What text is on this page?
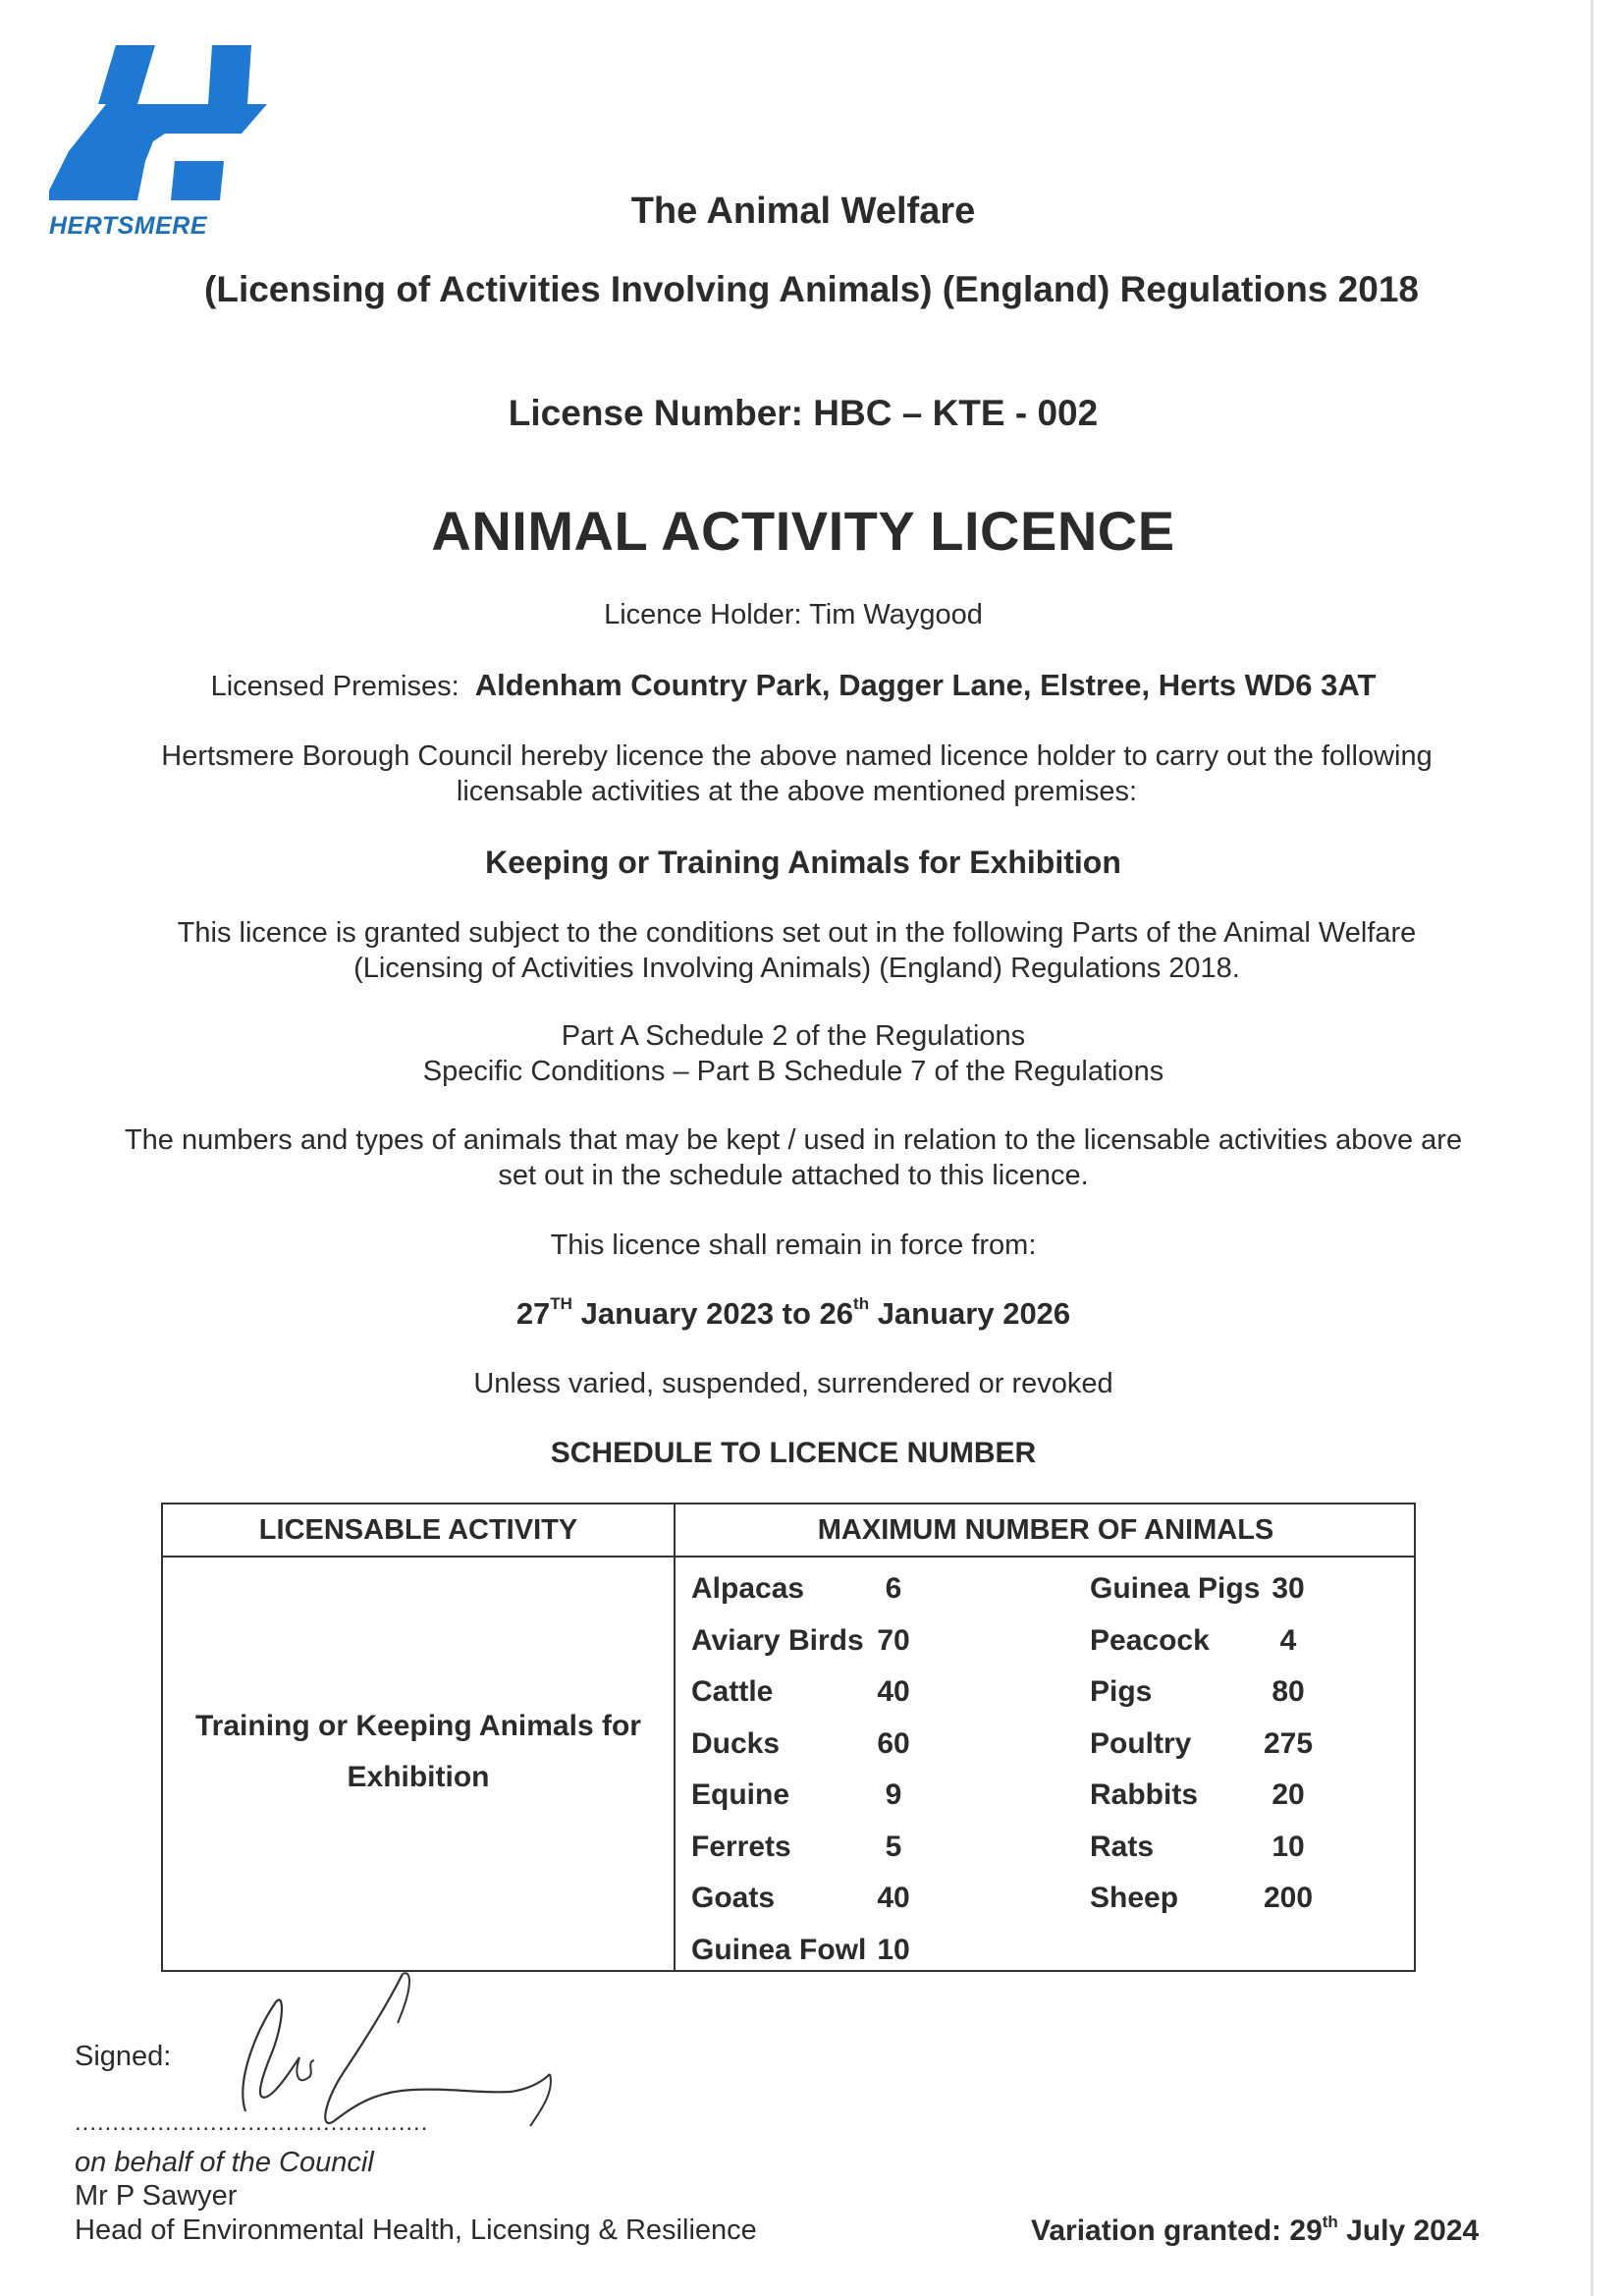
HERTSMERE	The Animal Welfare
(Licensing of Activities Involving Animals) (England) Regulations 2018
License Number: HBC – KTE - 002
ANIMAL ACTIVITY LICENCE
Licence Holder: Tim Waygood
Licensed Premises: Aldenham Country Park, Dagger Lane, Elstree, Herts WD6 3AT
Hertsmere Borough Council hereby licence the above named licence holder to carry out the following
licensable activities at the above mentioned premises:
Keeping or Training Animals for Exhibition
This licence is granted subject to the conditions set out in the following Parts of the Animal Welfare
(Licensing of Activities Involving Animals) (England) Regulations 2018.
Part A Schedule 2 of the Regulations
Specific Conditions – Part B Schedule 7 of the Regulations
The numbers and types of animals that may be kept / used in relation to the licensable activities above are
set out in the schedule attached to this licence.
This licence shall remain in force from:
27TH January 2023 to 26th January 2026
Unless varied, suspended, surrendered or revoked
SCHEDULE TO LICENCE NUMBER
LICENSABLE ACTIVITY	MAXIMUM NUMBER OF ANIMALS
Training or Keeping Animals for
Exhibition
Alpacas	6
Aviary Birds 70
Cattle	40
Ducks	60
Equine	9
Ferrets	5
Goats	40
Guinea Fowl 10
Guinea Pigs 30
Peacock	4
Pigs	80
Poultry 275
Rabbits	20
Rats	10
Sheep	200
Signed:
...............................................
on behalf of the Council
Mr P Sawyer
Head of Environmental Health, Licensing & Resilience	Variation granted: 29th July 2024
